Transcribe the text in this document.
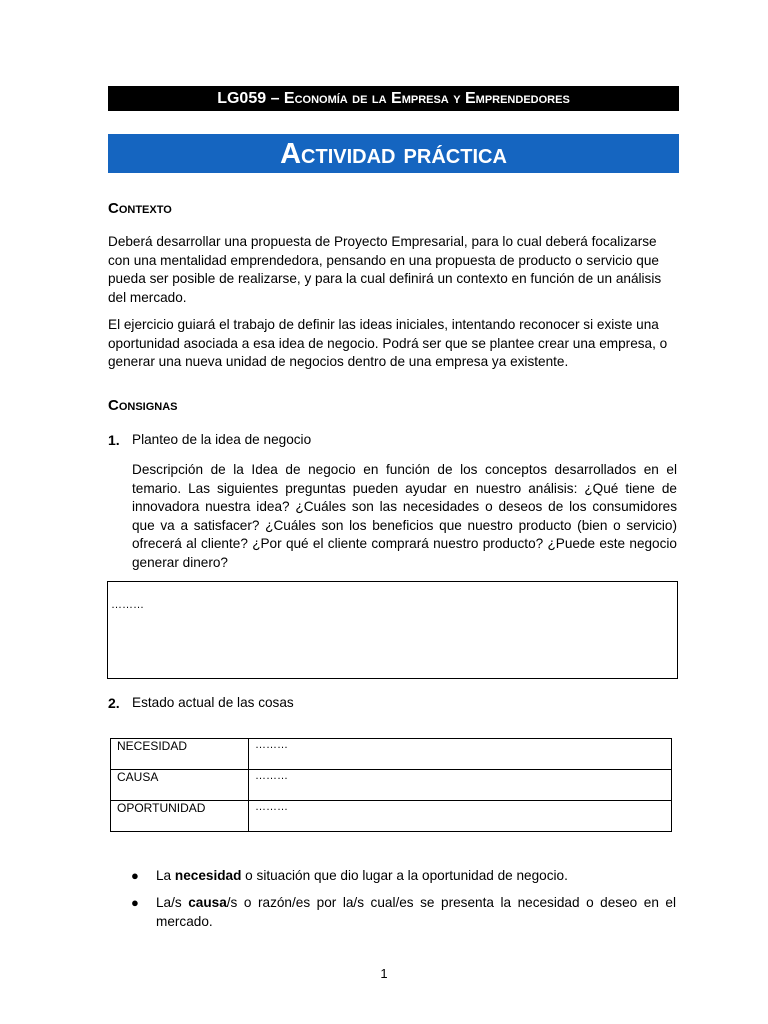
LG059 – Economía de la Empresa y Emprendedores
Actividad práctica
Contexto

Deberá desarrollar una propuesta de Proyecto Empresarial, para lo cual deberá focalizarse con una mentalidad emprendedora, pensando en una propuesta de producto o servicio que pueda ser posible de realizarse, y para la cual definirá un contexto en función de un análisis del mercado.

El ejercicio guiará el trabajo de definir las ideas iniciales, intentando reconocer si existe una oportunidad asociada a esa idea de negocio. Podrá ser que se plantee crear una empresa, o generar una nueva unidad de negocios dentro de una empresa ya existente.

Consignas
1. Planteo de la idea de negocio

Descripción de la Idea de negocio en función de los conceptos desarrollados en el temario. Las siguientes preguntas pueden ayudar en nuestro análisis: ¿Qué tiene de innovadora nuestra idea? ¿Cuáles son las necesidades o deseos de los consumidores que va a satisfacer? ¿Cuáles son los beneficios que nuestro producto (bien o servicio) ofrecerá al cliente? ¿Por qué el cliente comprará nuestro producto? ¿Puede este negocio generar dinero?

………
2. Estado actual de las cosas
NECESIDAD	………
CAUSA	………
OPORTUNIDAD	………
● La necesidad o situación que dio lugar a la oportunidad de negocio.
● La/s causa/s o razón/es por la/s cual/es se presenta la necesidad o deseo en el mercado.
1
